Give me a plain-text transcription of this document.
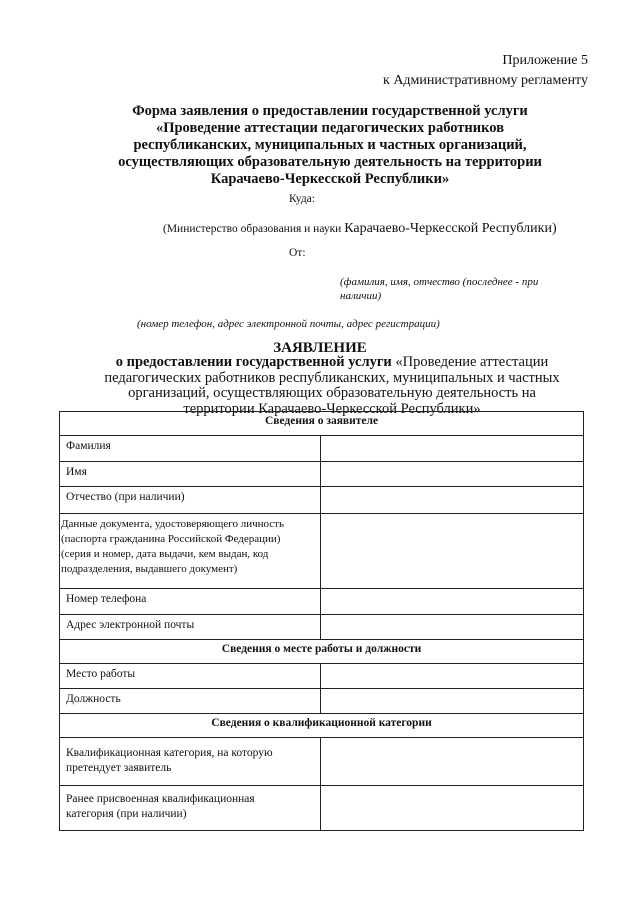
Приложение 5
к Административному регламенту
Форма заявления о предоставлении государственной услуги
«Проведение аттестации педагогических работников
республиканских, муниципальных и частных организаций,
осуществляющих образовательную деятельность на территории
Карачаево-Черкесской Республики»
Куда:
(Министерство образования и науки Карачаево-Черкесской Республики)
От:
(фамилия, имя, отчество (последнее - при
наличии)
(номер телефон, адрес электронной почты, адрес регистрации)
ЗАЯВЛЕНИЕ
о предоставлении государственной услуги «Проведение аттестации
педагогических работников республиканских, муниципальных и частных
организаций, осуществляющих образовательную деятельность на
территории Карачаево-Черкесской Республики»
Сведения о заявителе	

Фамилия	

Имя	

Отчество (при наличии)	

Данные документа, удостоверяющего личность
(паспорта гражданина Российской Федерации)
(серия и номер, дата выдачи, кем выдан, код
подразделения, выдавшего документ)	

Номер телефона	

Адрес электронной почты	

Сведения о месте работы и должности	

Место работы	

Должность	

Сведения о квалификационной категории	

Квалификационная категория, на которую
претендует заявитель	

Ранее присвоенная квалификационная
категория (при наличии)	
